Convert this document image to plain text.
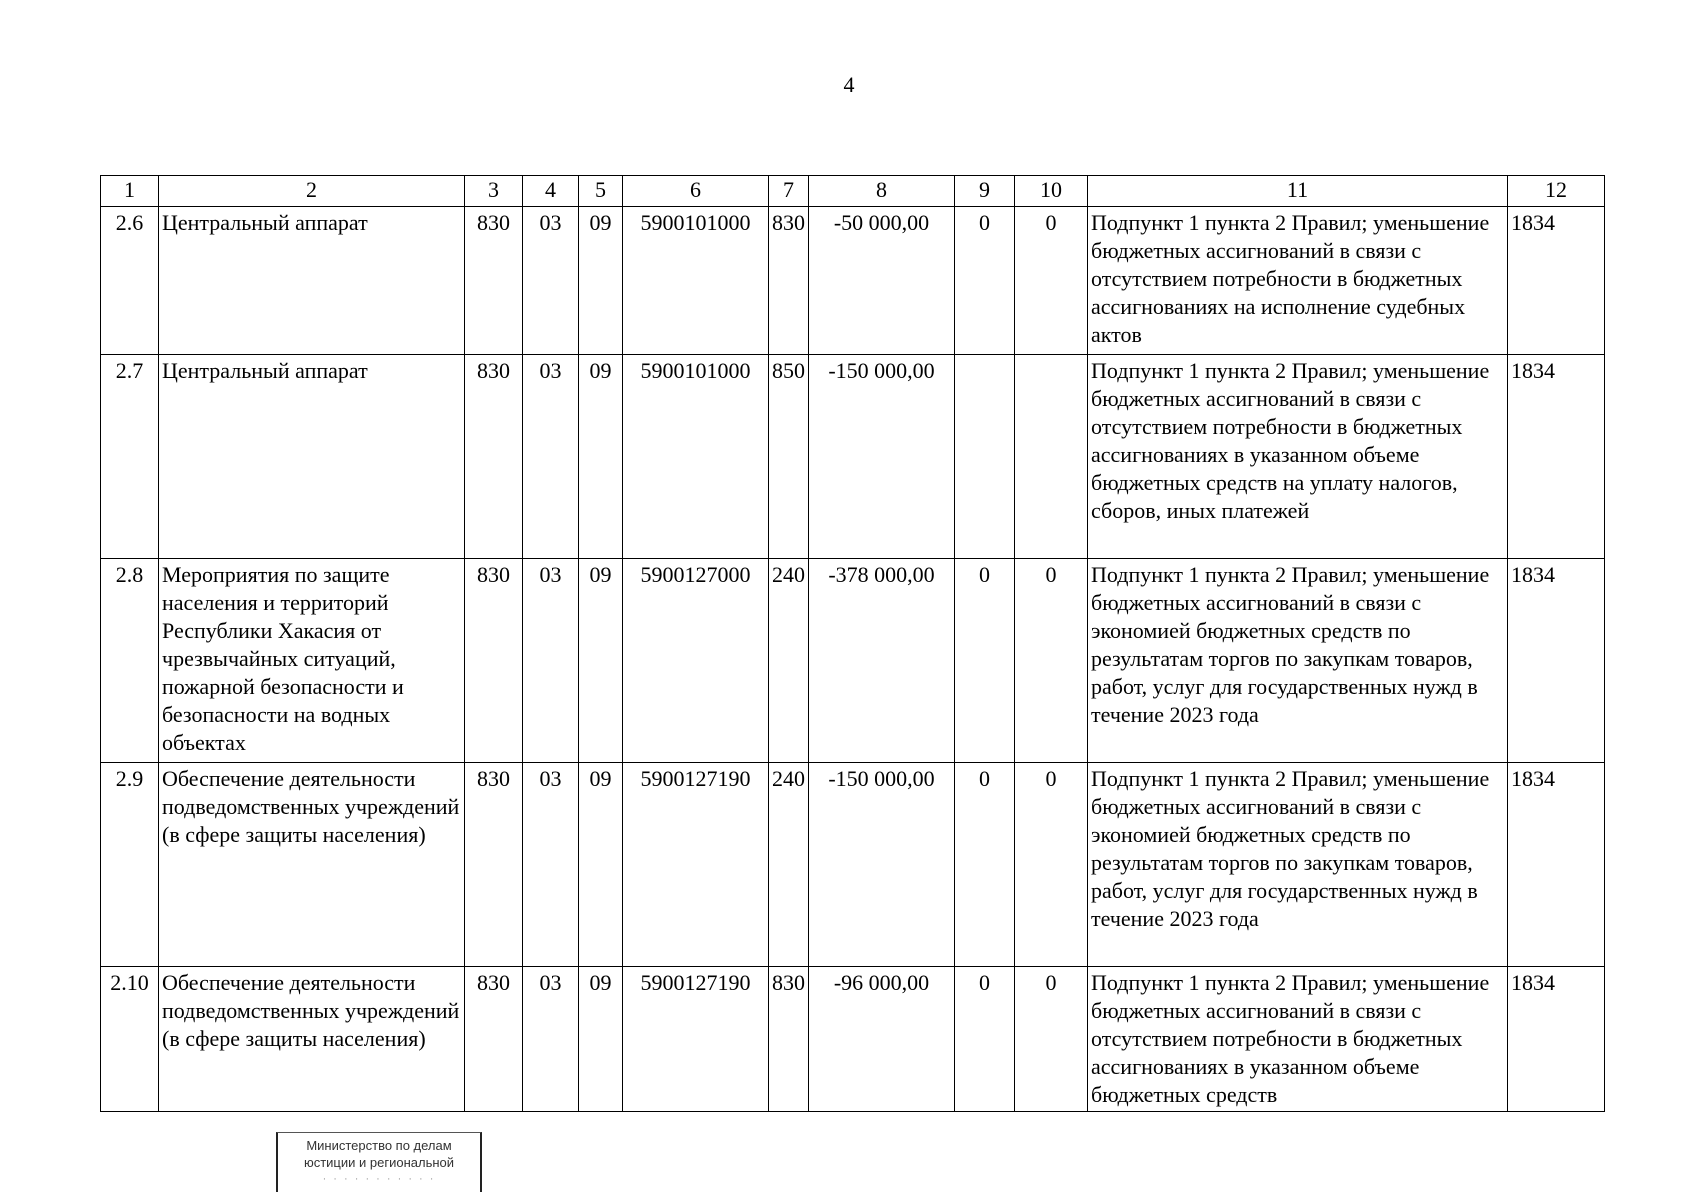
4
1	2	3	4	5	6	7	8	9	10	11	12
2.6	Центральный аппарат	830	03	09	5900101000	830	-50 000,00	0	0	Подпункт 1 пункта 2 Правил; уменьшение бюджетных ассигнований в связи с отсутствием потребности в бюджетных ассигнованиях на исполнение судебных актов	1834
2.7	Центральный аппарат	830	03	09	5900101000	850	-150 000,00			Подпункт 1 пункта 2 Правил; уменьшение бюджетных ассигнований в связи с отсутствием потребности в бюджетных ассигнованиях в указанном объеме бюджетных средств на уплату налогов, сборов, иных платежей	1834
2.8	Мероприятия по защите населения и территорий Республики Хакасия от чрезвычайных ситуаций, пожарной безопасности и безопасности на водных объектах	830	03	09	5900127000	240	-378 000,00	0	0	Подпункт 1 пункта 2 Правил; уменьшение бюджетных ассигнований в связи с экономией бюджетных средств по результатам торгов по закупкам товаров, работ, услуг для государственных нужд в течение 2023 года	1834
2.9	Обеспечение деятельности подведомственных учреждений (в сфере защиты населения)	830	03	09	5900127190	240	-150 000,00	0	0	Подпункт 1 пункта 2 Правил; уменьшение бюджетных ассигнований в связи с экономией бюджетных средств по результатам торгов по закупкам товаров, работ, услуг для государственных нужд в течение 2023 года	1834
2.10	Обеспечение деятельности подведомственных учреждений (в сфере защиты населения)	830	03	09	5900127190	830	-96 000,00	0	0	Подпункт 1 пункта 2 Правил; уменьшение бюджетных ассигнований в связи с отсутствием потребности в бюджетных ассигнованиях в указанном объеме бюджетных средств	1834
Министерство по делам
юстиции и региональной
· · · · · · · · · · ·
